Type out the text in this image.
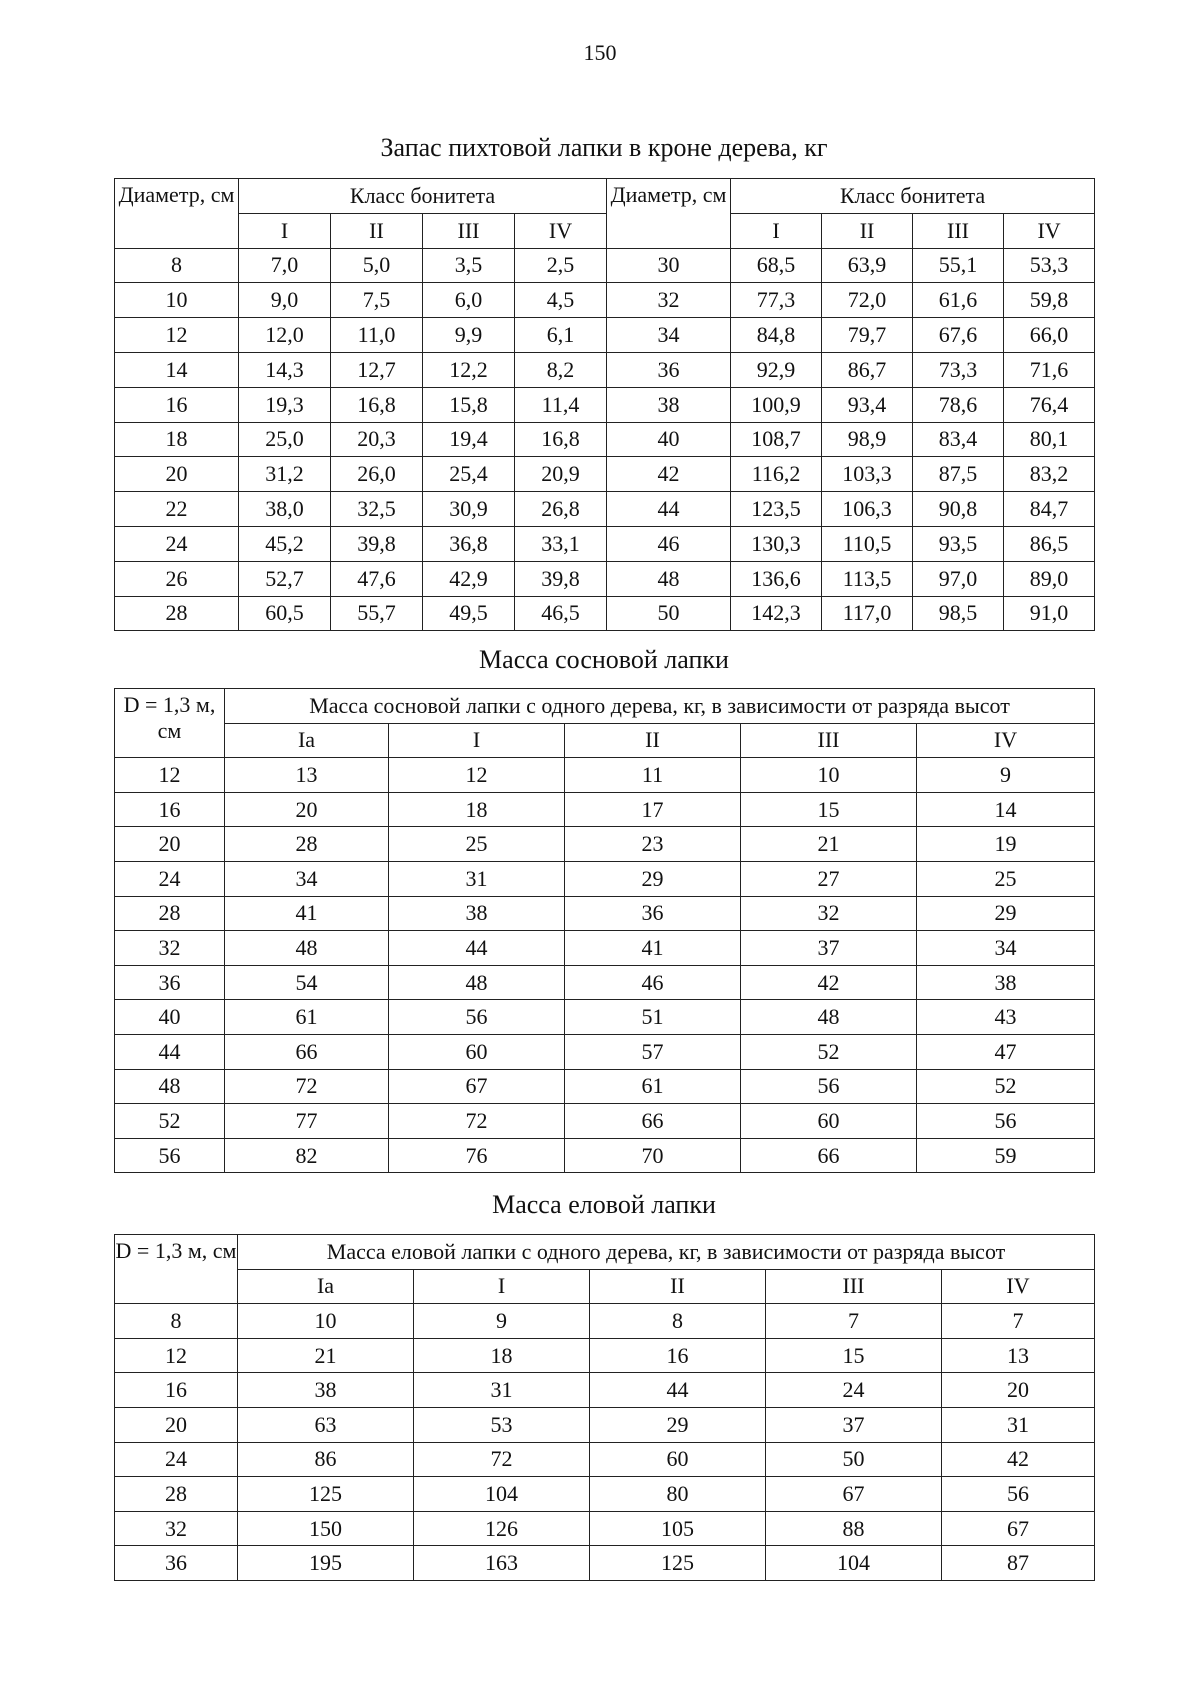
150
Запас пихтовой лапки в кроне дерева, кг
Диаметр, см	Класс бонитета				Диаметр, см	Класс бонитета			
	I	II	III	IV		I	II	III	IV
8	7,0	5,0	3,5	2,5	30	68,5	63,9	55,1	53,3
10	9,0	7,5	6,0	4,5	32	77,3	72,0	61,6	59,8
12	12,0	11,0	9,9	6,1	34	84,8	79,7	67,6	66,0
14	14,3	12,7	12,2	8,2	36	92,9	86,7	73,3	71,6
16	19,3	16,8	15,8	11,4	38	100,9	93,4	78,6	76,4
18	25,0	20,3	19,4	16,8	40	108,7	98,9	83,4	80,1
20	31,2	26,0	25,4	20,9	42	116,2	103,3	87,5	83,2
22	38,0	32,5	30,9	26,8	44	123,5	106,3	90,8	84,7
24	45,2	39,8	36,8	33,1	46	130,3	110,5	93,5	86,5
26	52,7	47,6	42,9	39,8	48	136,6	113,5	97,0	89,0
28	60,5	55,7	49,5	46,5	50	142,3	117,0	98,5	91,0
Масса сосновой лапки
D = 1,3 м, см	Масса сосновой лапки с одного дерева, кг, в зависимости от разряда высот				
	Ia	I	II	III	IV
12	13	12	11	10	9
16	20	18	17	15	14
20	28	25	23	21	19
24	34	31	29	27	25
28	41	38	36	32	29
32	48	44	41	37	34
36	54	48	46	42	38
40	61	56	51	48	43
44	66	60	57	52	47
48	72	67	61	56	52
52	77	72	66	60	56
56	82	76	70	66	59
Масса еловой лапки
D = 1,3 м, см	Масса еловой лапки с одного дерева, кг, в зависимости от разряда высот				
	Ia	I	II	III	IV
8	10	9	8	7	7
12	21	18	16	15	13
16	38	31	44	24	20
20	63	53	29	37	31
24	86	72	60	50	42
28	125	104	80	67	56
32	150	126	105	88	67
36	195	163	125	104	87
